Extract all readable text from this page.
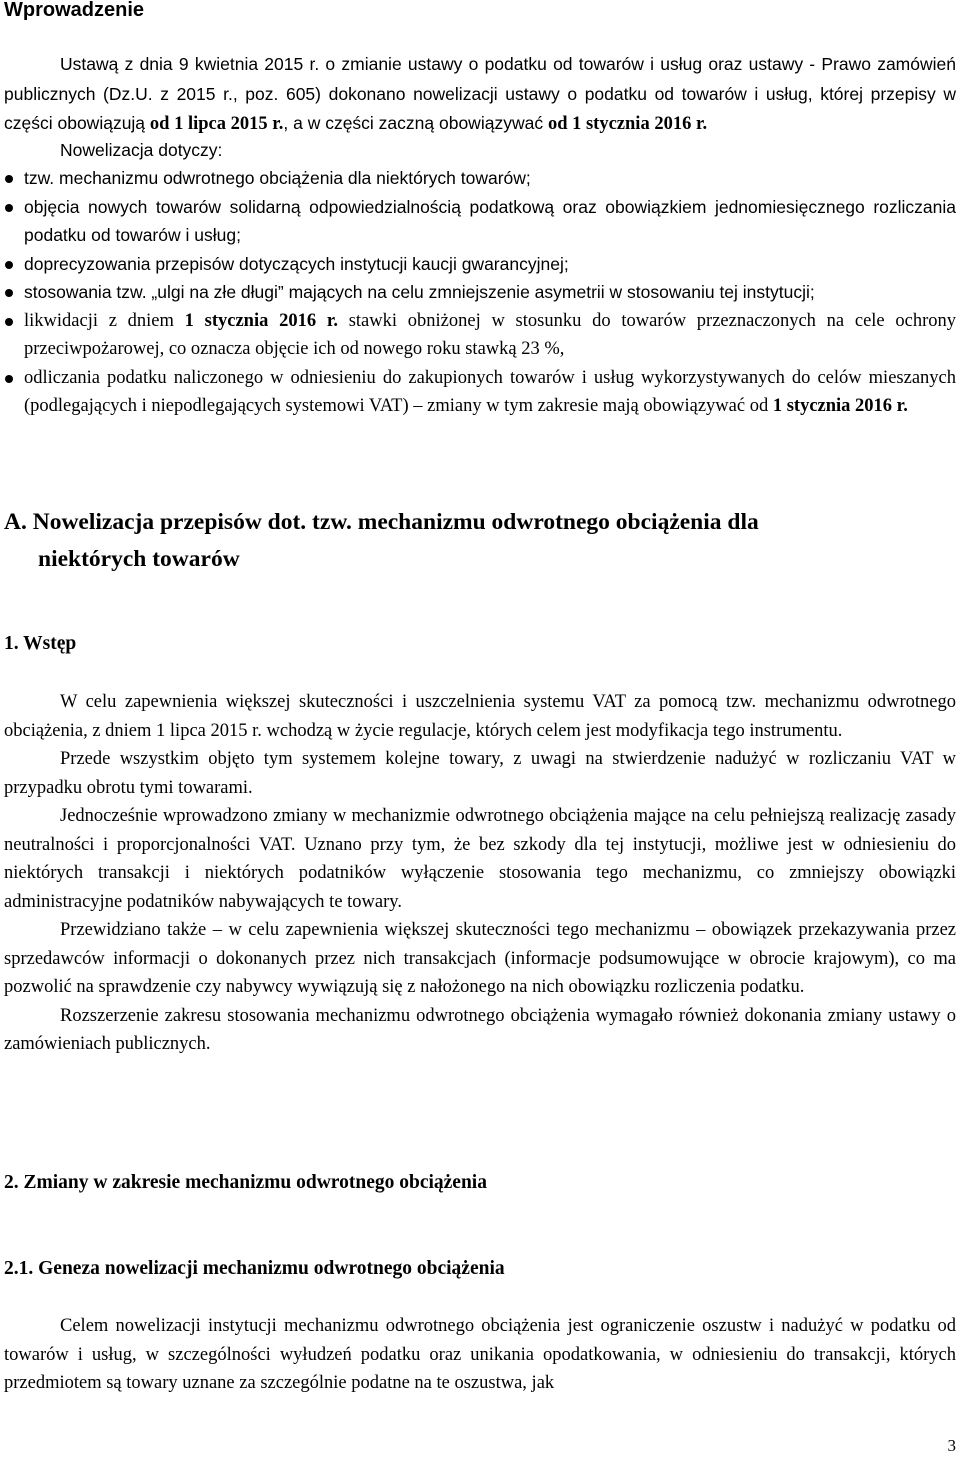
Wprowadzenie

Ustawą z dnia 9 kwietnia 2015 r. o zmianie ustawy o podatku od towarów i usług oraz ustawy - Prawo zamówień publicznych (Dz.U. z 2015 r., poz. 605) dokonano nowelizacji ustawy o podatku od towarów i usług, której przepisy w części obowiązują od 1 lipca 2015 r., a w części zaczną obowiązywać od 1 stycznia 2016 r.

Nowelizacja dotyczy:

tzw. mechanizmu odwrotnego obciążenia dla niektórych towarów;
objęcia nowych towarów solidarną odpowiedzialnością podatkową oraz obowiązkiem jednomiesięcznego rozliczania podatku od towarów i usług;
doprecyzowania przepisów dotyczących instytucji kaucji gwarancyjnej;
stosowania tzw. „ulgi na złe długi” mających na celu zmniejszenie asymetrii w stosowaniu tej instytucji;
likwidacji z dniem 1 stycznia 2016 r. stawki obniżonej w stosunku do towarów przeznaczonych na cele ochrony przeciwpożarowej, co oznacza objęcie ich od nowego roku stawką 23 %,
odliczania podatku naliczonego w odniesieniu do zakupionych towarów i usług wykorzystywanych do celów mieszanych (podlegających i niepodlegających systemowi VAT) – zmiany w tym zakresie mają obowiązywać od 1 stycznia 2016 r.
A. Nowelizacja przepisów dot. tzw. mechanizmu odwrotnego obciążenia dla
niektórych towarów
1. Wstęp

W celu zapewnienia większej skuteczności i uszczelnienia systemu VAT za pomocą tzw. mechanizmu odwrotnego obciążenia, z dniem 1 lipca 2015 r. wchodzą w życie regulacje, których celem jest modyfikacja tego instrumentu.

Przede wszystkim objęto tym systemem kolejne towary, z uwagi na stwierdzenie nadużyć w rozliczaniu VAT w przypadku obrotu tymi towarami.

Jednocześnie wprowadzono zmiany w mechanizmie odwrotnego obciążenia mające na celu pełniejszą realizację zasady neutralności i proporcjonalności VAT. Uznano przy tym, że bez szkody dla tej instytucji, możliwe jest w odniesieniu do niektórych transakcji i niektórych podatników wyłączenie stosowania tego mechanizmu, co zmniejszy obowiązki administracyjne podatników nabywających te towary.

Przewidziano także – w celu zapewnienia większej skuteczności tego mechanizmu – obowiązek przekazywania przez sprzedawców informacji o dokonanych przez nich transakcjach (informacje podsumowujące w obrocie krajowym), co ma pozwolić na sprawdzenie czy nabywcy wywiązują się z nałożonego na nich obowiązku rozliczenia podatku.

Rozszerzenie zakresu stosowania mechanizmu odwrotnego obciążenia wymagało również dokonania zmiany ustawy o zamówieniach publicznych.

2. Zmiany w zakresie mechanizmu odwrotnego obciążenia
2.1. Geneza nowelizacji mechanizmu odwrotnego obciążenia

Celem nowelizacji instytucji mechanizmu odwrotnego obciążenia jest ograniczenie oszustw i nadużyć w podatku od towarów i usług, w szczególności wyłudzeń podatku oraz unikania opodatkowania, w odniesieniu do transakcji, których przedmiotem są towary uznane za szczególnie podatne na te oszustwa, jak

3
